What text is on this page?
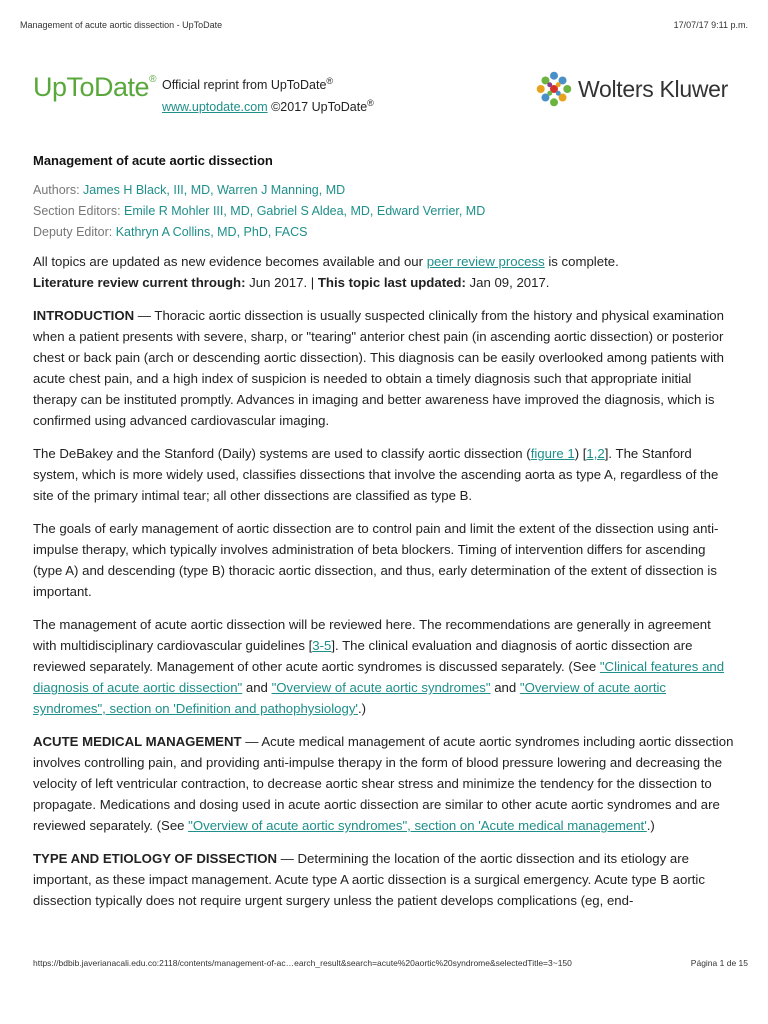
Management of acute aortic dissection - UpToDate	17/07/17 9:11 p.m.
UpToDate® Official reprint from UpToDate®
www.uptodate.com ©2017 UpToDate®
Wolters Kluwer
Management of acute aortic dissection
Authors: James H Black, III, MD, Warren J Manning, MD
Section Editors: Emile R Mohler III, MD, Gabriel S Aldea, MD, Edward Verrier, MD
Deputy Editor: Kathryn A Collins, MD, PhD, FACS
All topics are updated as new evidence becomes available and our peer review process is complete.
Literature review current through: Jun 2017. | This topic last updated: Jan 09, 2017.

INTRODUCTION — Thoracic aortic dissection is usually suspected clinically from the history and physical examination when a patient presents with severe, sharp, or "tearing" anterior chest pain (in ascending aortic dissection) or posterior chest or back pain (arch or descending aortic dissection). This diagnosis can be easily overlooked among patients with acute chest pain, and a high index of suspicion is needed to obtain a timely diagnosis such that appropriate initial therapy can be instituted promptly. Advances in imaging and better awareness have improved the diagnosis, which is confirmed using advanced cardiovascular imaging.

The DeBakey and the Stanford (Daily) systems are used to classify aortic dissection (figure 1) [1,2]. The Stanford system, which is more widely used, classifies dissections that involve the ascending aorta as type A, regardless of the site of the primary intimal tear; all other dissections are classified as type B.

The goals of early management of aortic dissection are to control pain and limit the extent of the dissection using anti-impulse therapy, which typically involves administration of beta blockers. Timing of intervention differs for ascending (type A) and descending (type B) thoracic aortic dissection, and thus, early determination of the extent of dissection is important.

The management of acute aortic dissection will be reviewed here. The recommendations are generally in agreement with multidisciplinary cardiovascular guidelines [3-5]. The clinical evaluation and diagnosis of aortic dissection are reviewed separately. Management of other acute aortic syndromes is discussed separately. (See "Clinical features and diagnosis of acute aortic dissection" and "Overview of acute aortic syndromes" and "Overview of acute aortic syndromes", section on 'Definition and pathophysiology'.)

ACUTE MEDICAL MANAGEMENT — Acute medical management of acute aortic syndromes including aortic dissection involves controlling pain, and providing anti-impulse therapy in the form of blood pressure lowering and decreasing the velocity of left ventricular contraction, to decrease aortic shear stress and minimize the tendency for the dissection to propagate. Medications and dosing used in acute aortic dissection are similar to other acute aortic syndromes and are reviewed separately. (See "Overview of acute aortic syndromes", section on 'Acute medical management'.)

TYPE AND ETIOLOGY OF DISSECTION — Determining the location of the aortic dissection and its etiology are important, as these impact management. Acute type A aortic dissection is a surgical emergency. Acute type B aortic dissection typically does not require urgent surgery unless the patient develops complications (eg, end-

https://bdbib.javerianacali.edu.co:2118/contents/management-of-ac…earch_result&search=acute%20aortic%20syndrome&selectedTitle=3~150	Página 1 de 15
